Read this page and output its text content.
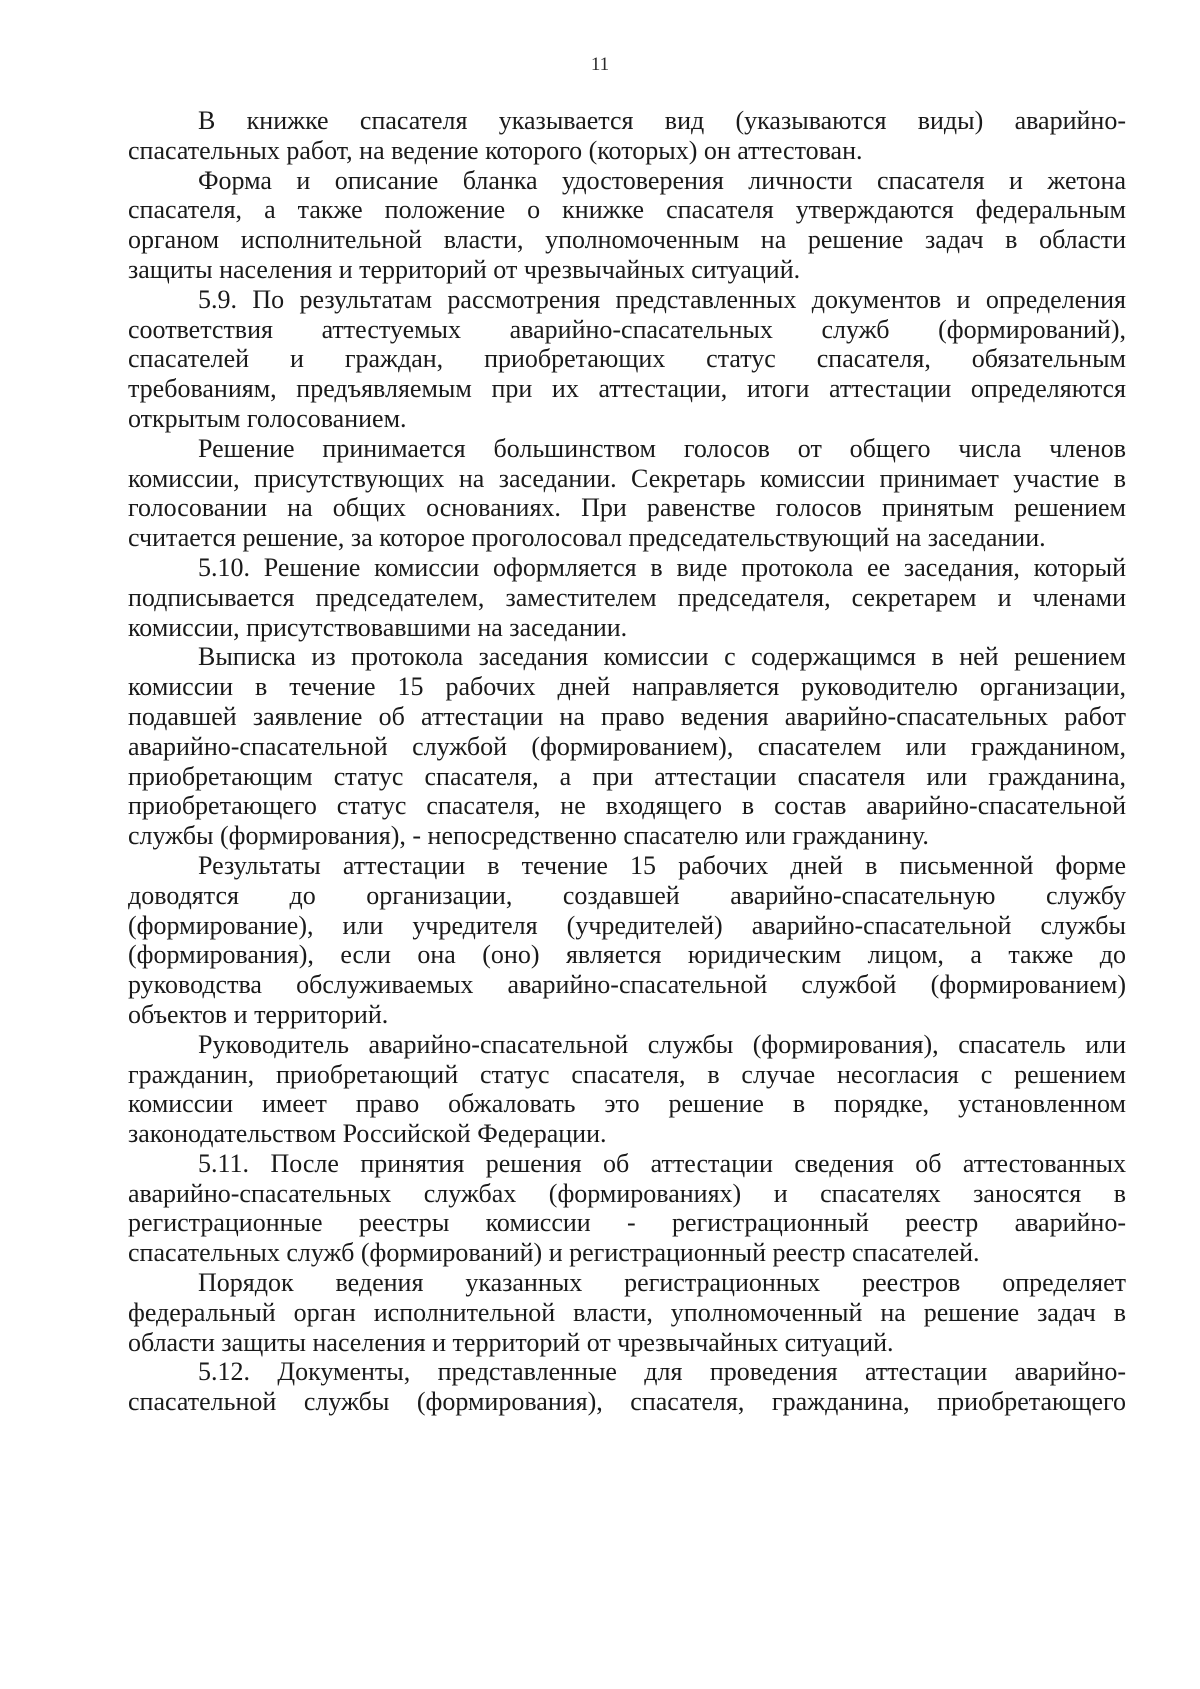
11
В книжке спасателя указывается вид (указываются виды) аварийно-
спасательных работ, на ведение которого (которых) он аттестован.
Форма и описание бланка удостоверения личности спасателя и жетона
спасателя, а также положение о книжке спасателя утверждаются федеральным
органом исполнительной власти, уполномоченным на решение задач в области
защиты населения и территорий от чрезвычайных ситуаций.
5.9. По результатам рассмотрения представленных документов и определения
соответствия аттестуемых аварийно-спасательных служб (формирований),
спасателей и граждан, приобретающих статус спасателя, обязательным
требованиям, предъявляемым при их аттестации, итоги аттестации определяются
открытым голосованием.
Решение принимается большинством голосов от общего числа членов
комиссии, присутствующих на заседании. Секретарь комиссии принимает участие в
голосовании на общих основаниях. При равенстве голосов принятым решением
считается решение, за которое проголосовал председательствующий на заседании.
5.10. Решение комиссии оформляется в виде протокола ее заседания, который
подписывается председателем, заместителем председателя, секретарем и членами
комиссии, присутствовавшими на заседании.
Выписка из протокола заседания комиссии с содержащимся в ней решением
комиссии в течение 15 рабочих дней направляется руководителю организации,
подавшей заявление об аттестации на право ведения аварийно-спасательных работ
аварийно-спасательной службой (формированием), спасателем или гражданином,
приобретающим статус спасателя, а при аттестации спасателя или гражданина,
приобретающего статус спасателя, не входящего в состав аварийно-спасательной
службы (формирования), - непосредственно спасателю или гражданину.
Результаты аттестации в течение 15 рабочих дней в письменной форме
доводятся до организации, создавшей аварийно-спасательную службу
(формирование), или учредителя (учредителей) аварийно-спасательной службы
(формирования), если она (оно) является юридическим лицом, а также до
руководства обслуживаемых аварийно-спасательной службой (формированием)
объектов и территорий.
Руководитель аварийно-спасательной службы (формирования), спасатель или
гражданин, приобретающий статус спасателя, в случае несогласия с решением
комиссии имеет право обжаловать это решение в порядке, установленном
законодательством Российской Федерации.
5.11. После принятия решения об аттестации сведения об аттестованных
аварийно-спасательных службах (формированиях) и спасателях заносятся в
регистрационные реестры комиссии - регистрационный реестр аварийно-
спасательных служб (формирований) и регистрационный реестр спасателей.
Порядок ведения указанных регистрационных реестров определяет
федеральный орган исполнительной власти, уполномоченный на решение задач в
области защиты населения и территорий от чрезвычайных ситуаций.
5.12. Документы, представленные для проведения аттестации аварийно-
спасательной службы (формирования), спасателя, гражданина, приобретающего
